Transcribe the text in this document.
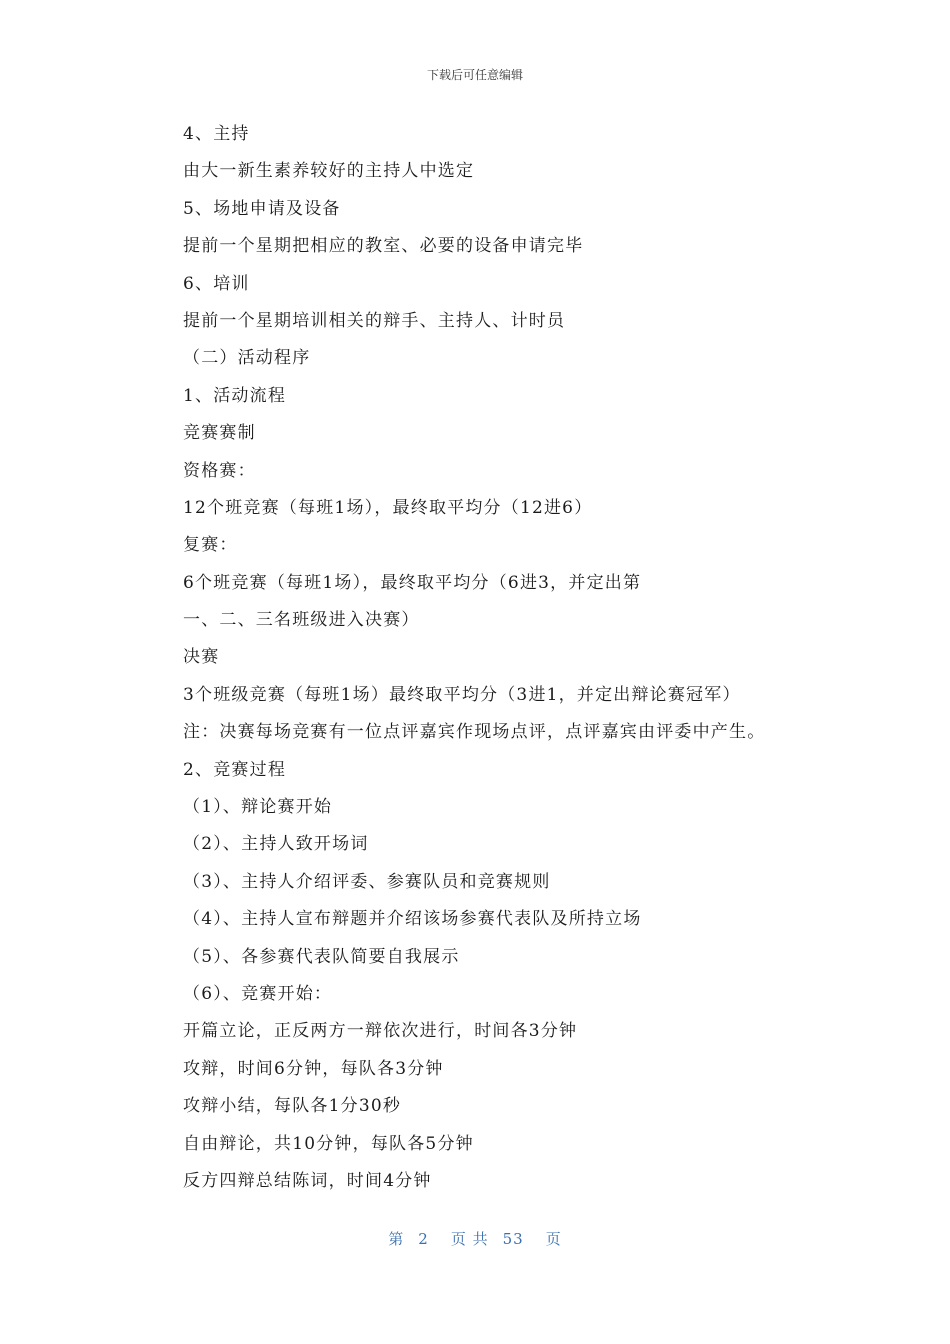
下载后可任意编辑
4、主持
由大一新生素养较好的主持人中选定
5、场地申请及设备
提前一个星期把相应的教室、必要的设备申请完毕
6、培训
提前一个星期培训相关的辩手、主持人、计时员
（二）活动程序
1、活动流程
竞赛赛制
资格赛：
12个班竞赛（每班1场），最终取平均分（12进6）
复赛：
6个班竞赛（每班1场），最终取平均分（6进3，并定出第
一、二、三名班级进入决赛）
决赛
3个班级竞赛（每班1场）最终取平均分（3进1，并定出辩论赛冠军）
注：决赛每场竞赛有一位点评嘉宾作现场点评，点评嘉宾由评委中产生。
2、竞赛过程
（1）、辩论赛开始
（2）、主持人致开场词
（3）、主持人介绍评委、参赛队员和竞赛规则
（4）、主持人宣布辩题并介绍该场参赛代表队及所持立场
（5）、各参赛代表队简要自我展示
（6）、竞赛开始：
开篇立论，正反两方一辩依次进行，时间各3分钟
攻辩，时间6分钟，每队各3分钟
攻辩小结，每队各1分30秒
自由辩论，共10分钟，每队各5分钟
反方四辩总结陈词，时间4分钟
第 2 页 共 53 页
